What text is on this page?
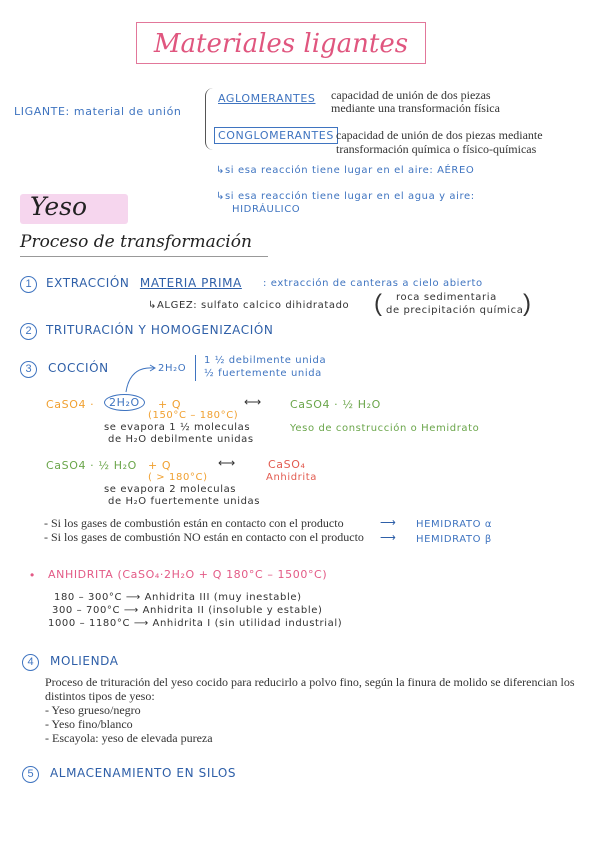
Materiales ligantes
LIGANTE: material de unión
AGLOMERANTES capacidad de unión de dos piezas
mediante una transformación física
CONGLOMERANTES capacidad de unión de dos piezas mediante
transformación química o físico-químicas
↳si esa reacción tiene lugar en el aire: AÉREO
↳si esa reacción tiene lugar en el agua y aire:
HIDRÁULICO
Yeso
Proceso de transformación
1	EXTRACCIÓN MATERIA PRIMA : extracción de canteras a cielo abierto
↳ALGEZ: sulfato calcico dihidratado ( roca sedimentaria
de precipitación química )
2	TRITURACIÓN Y HOMOGENIZACIÓN
3	COCCIÓN	2H₂O
1 ½ debilmente unida
½ fuertemente unida
CaSO4 ·	2H₂O	+ Q
(150°C – 180°C)
⟷	CaSO4 · ½ H₂O
se evapora 1 ½ moleculas
de H₂O debilmente unidas
Yeso de construcción o Hemidrato
CaSO4 · ½ H₂O + Q
( > 180°C)
⟷	CaSO₄
Anhidrita
se evapora 2 moleculas
de H₂O fuertemente unidas
- Si los gases de combustión están en contacto con el producto	⟶ HEMIDRATO α
- Si los gases de combustión NO están en contacto con el producto ⟶ HEMIDRATO β
• ANHIDRITA (CaSO₄·2H₂O + Q 180°C – 1500°C)
180 – 300°C ⟶ Anhidrita III (muy inestable)
300 – 700°C ⟶ Anhidrita II (insoluble y estable)
1000 – 1180°C ⟶ Anhidrita I (sin utilidad industrial)
4	MOLIENDA
Proceso de trituración del yeso cocido para reducirlo a polvo fino, según la finura de molido se diferencian los
distintos tipos de yeso:
- Yeso grueso/negro
- Yeso fino/blanco
- Escayola: yeso de elevada pureza
5	ALMACENAMIENTO EN SILOS
